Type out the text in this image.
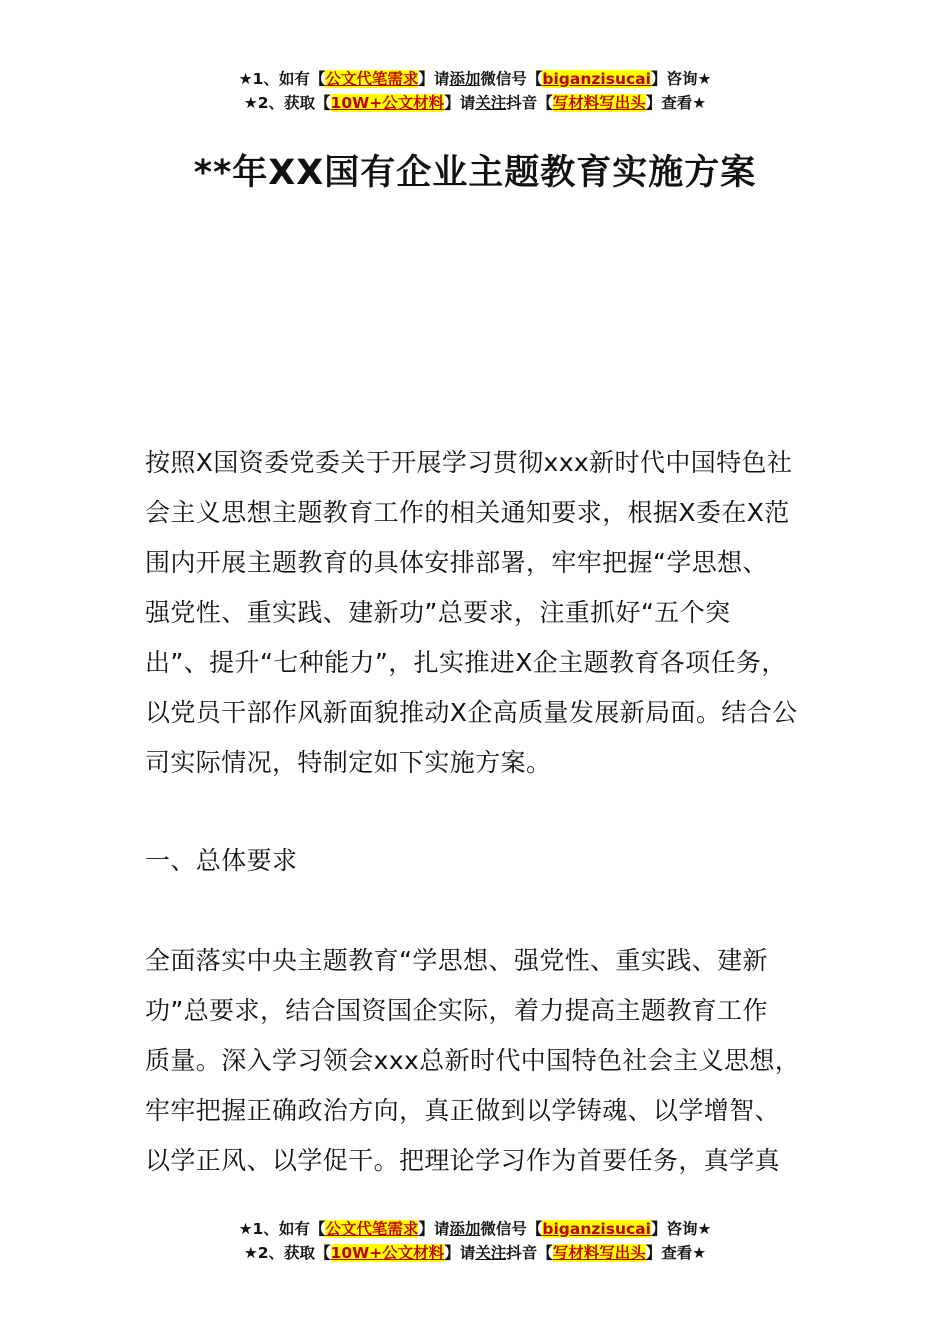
★1、如有【公文代笔需求】请添加微信号【biganzisucai】咨询★
★2、获取【10W+公文材料】请关注抖音【写材料写出头】查看★
**年XX国有企业主题教育实施方案
按照X国资委党委关于开展学习贯彻xxx新时代中国特色社
会主义思想主题教育工作的相关通知要求，根据X委在X范
围内开展主题教育的具体安排部署，牢牢把握“学思想、
强党性、重实践、建新功”总要求，注重抓好“五个突
出”、提升“七种能力”，扎实推进X企主题教育各项任务，
以党员干部作风新面貌推动X企高质量发展新局面。结合公
司实际情况，特制定如下实施方案。
一、总体要求
全面落实中央主题教育“学思想、强党性、重实践、建新
功”总要求，结合国资国企实际，着力提高主题教育工作
质量。深入学习领会xxx总新时代中国特色社会主义思想，
牢牢把握正确政治方向，真正做到以学铸魂、以学增智、
以学正风、以学促干。把理论学习作为首要任务，真学真
★1、如有【公文代笔需求】请添加微信号【biganzisucai】咨询★
★2、获取【10W+公文材料】请关注抖音【写材料写出头】查看★
